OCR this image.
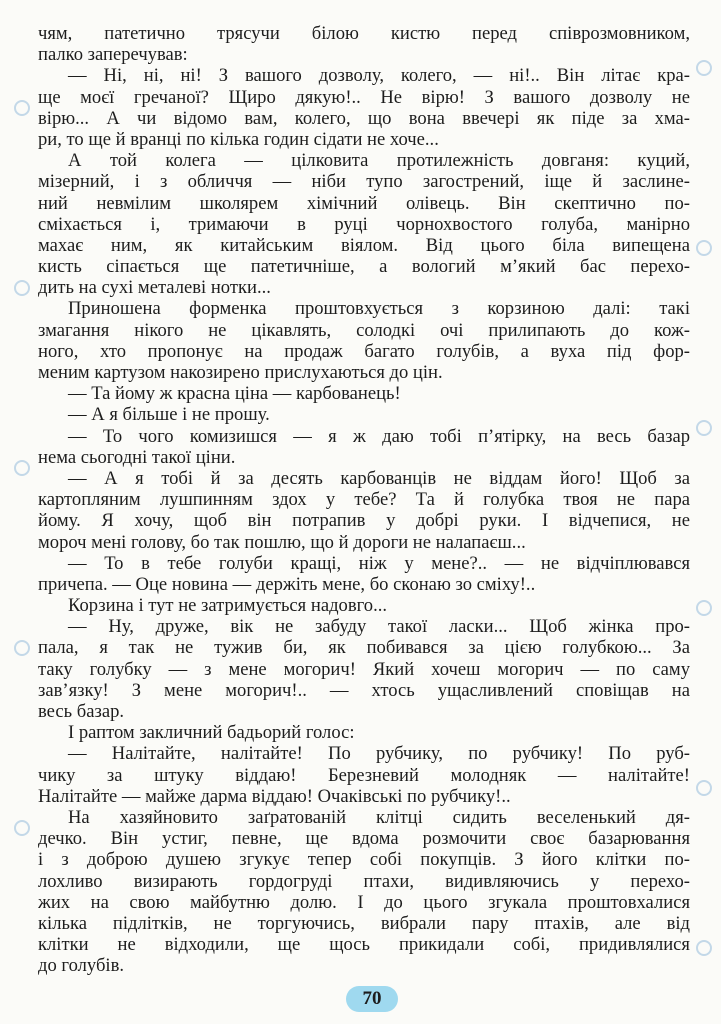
чям, патетично трясучи білою кистю перед співрозмовником,
палко заперечував:
— Ні, ні, ні! З вашого дозволу, колего, — ні!.. Він літає кра-
ще моєї гречаної? Щиро дякую!.. Не вірю! З вашого дозволу не
вірю... А чи відомо вам, колего, що вона ввечері як піде за хма-
ри, то ще й вранці по кілька годин сідати не хоче...
А той колега — цілковита протилежність довганя: куций,
мізерний, і з обличчя — ніби тупо загострений, іще й заслине-
ний невмілим школярем хімічний олівець. Він скептично по-
сміхається і, тримаючи в руці чорнохвостого голуба, манірно
махає ним, як китайським віялом. Від цього біла випещена
кисть сіпається ще патетичніше, а вологий м’який бас перехо-
дить на сухі металеві нотки...
Приношена форменка проштовхується з корзиною далі: такі
змагання нікого не цікавлять, солодкі очі прилипають до кож-
ного, хто пропонує на продаж багато голубів, а вуха під фор-
меним картузом накозирено прислухаються до цін.
— Та йому ж красна ціна — карбованець!
— А я більше і не прошу.
— То чого комизишся — я ж даю тобі п’ятірку, на весь базар
нема сьогодні такої ціни.
— А я тобі й за десять карбованців не віддам його! Щоб за
картопляним лушпинням здох у тебе? Та й голубка твоя не пара
йому. Я хочу, щоб він потрапив у добрі руки. І відчепися, не
мороч мені голову, бо так пошлю, що й дороги не налапаєш...
— То в тебе голуби кращі, ніж у мене?.. — не відчіплювався
причепа. — Оце новина — держіть мене, бо сконаю зо сміху!..
Корзина і тут не затримується надовго...
— Ну, друже, вік не забуду такої ласки... Щоб жінка про-
пала, я так не тужив би, як побивався за цією голубкою... За
таку голубку — з мене могорич! Який хочеш могорич — по саму
зав’язку! З мене могорич!.. — хтось ущасливлений сповіщав на
весь базар.
І раптом закличний бадьорий голос:
— Налітайте, налітайте! По рубчику, по рубчику! По руб-
чику за штуку віддаю! Березневий молодняк — налітайте!
Налітайте — майже дарма віддаю! Очаківські по рубчику!..
На хазяйновито заґратованій клітці сидить веселенький дя-
дечко. Він устиг, певне, ще вдома розмочити своє базарювання
і з доброю душею згукує тепер собі покупців. З його клітки по-
лохливо визирають гордогруді птахи, видивляючись у перехо-
жих на свою майбутню долю. І до цього згукала проштовхалися
кілька підлітків, не торгуючись, вибрали пару птахів, але від
клітки не відходили, ще щось прикидали собі, придивлялися
до голубів.
70
